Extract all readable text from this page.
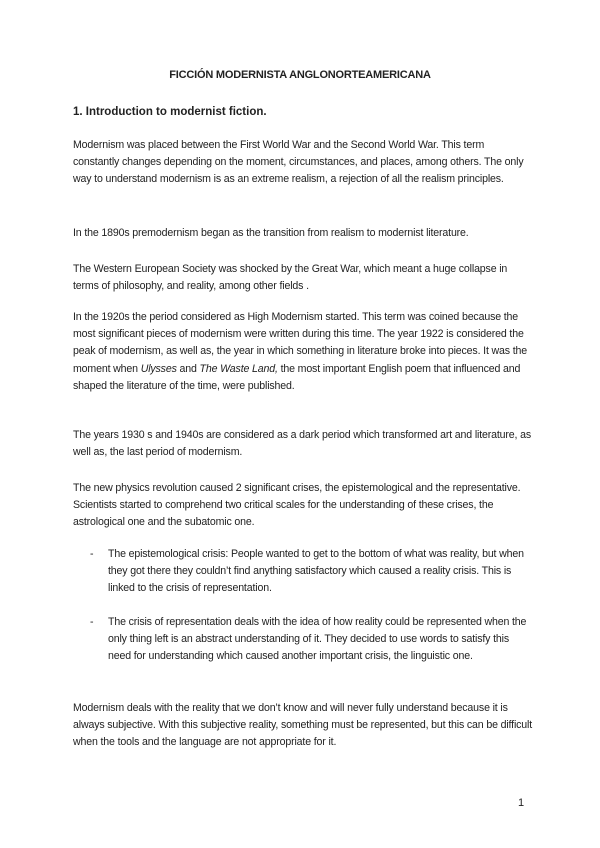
FICCIÓN MODERNISTA ANGLONORTEAMERICANA
1. Introduction to modernist fiction.

Modernism was placed between the First World War and the Second World War. This term constantly changes depending on the moment, circumstances, and places, among others. The only way to understand modernism is as an extreme realism, a rejection of all the realism principles.

In the 1890s premodernism began as the transition from realism to modernist literature.

The Western European Society was shocked by the Great War, which meant a huge collapse in terms of philosophy, and reality, among other fields .

In the 1920s the period considered as High Modernism started. This term was coined because the most significant pieces of modernism were written during this time. The year 1922 is considered the peak of modernism, as well as, the year in which something in literature broke into pieces. It was the moment when Ulysses and The Waste Land, the most important English poem that influenced and shaped the literature of the time, were published.

The years 1930 s and 1940s are considered as a dark period which transformed art and literature, as well as, the last period of modernism.

The new physics revolution caused 2 significant crises, the epistemological and the representative. Scientists started to comprehend two critical scales for the understanding of these crises, the astrological one and the subatomic one.

- The epistemological crisis: People wanted to get to the bottom of what was reality, but when they got there they couldn’t find anything satisfactory which caused a reality crisis. This is linked to the crisis of representation.
- The crisis of representation deals with the idea of how reality could be represented when the only thing left is an abstract understanding of it. They decided to use words to satisfy this need for understanding which caused another important crisis, the linguistic one.

Modernism deals with the reality that we don’t know and will never fully understand because it is always subjective. With this subjective reality, something must be represented, but this can be difficult when the tools and the language are not appropriate for it.

1
